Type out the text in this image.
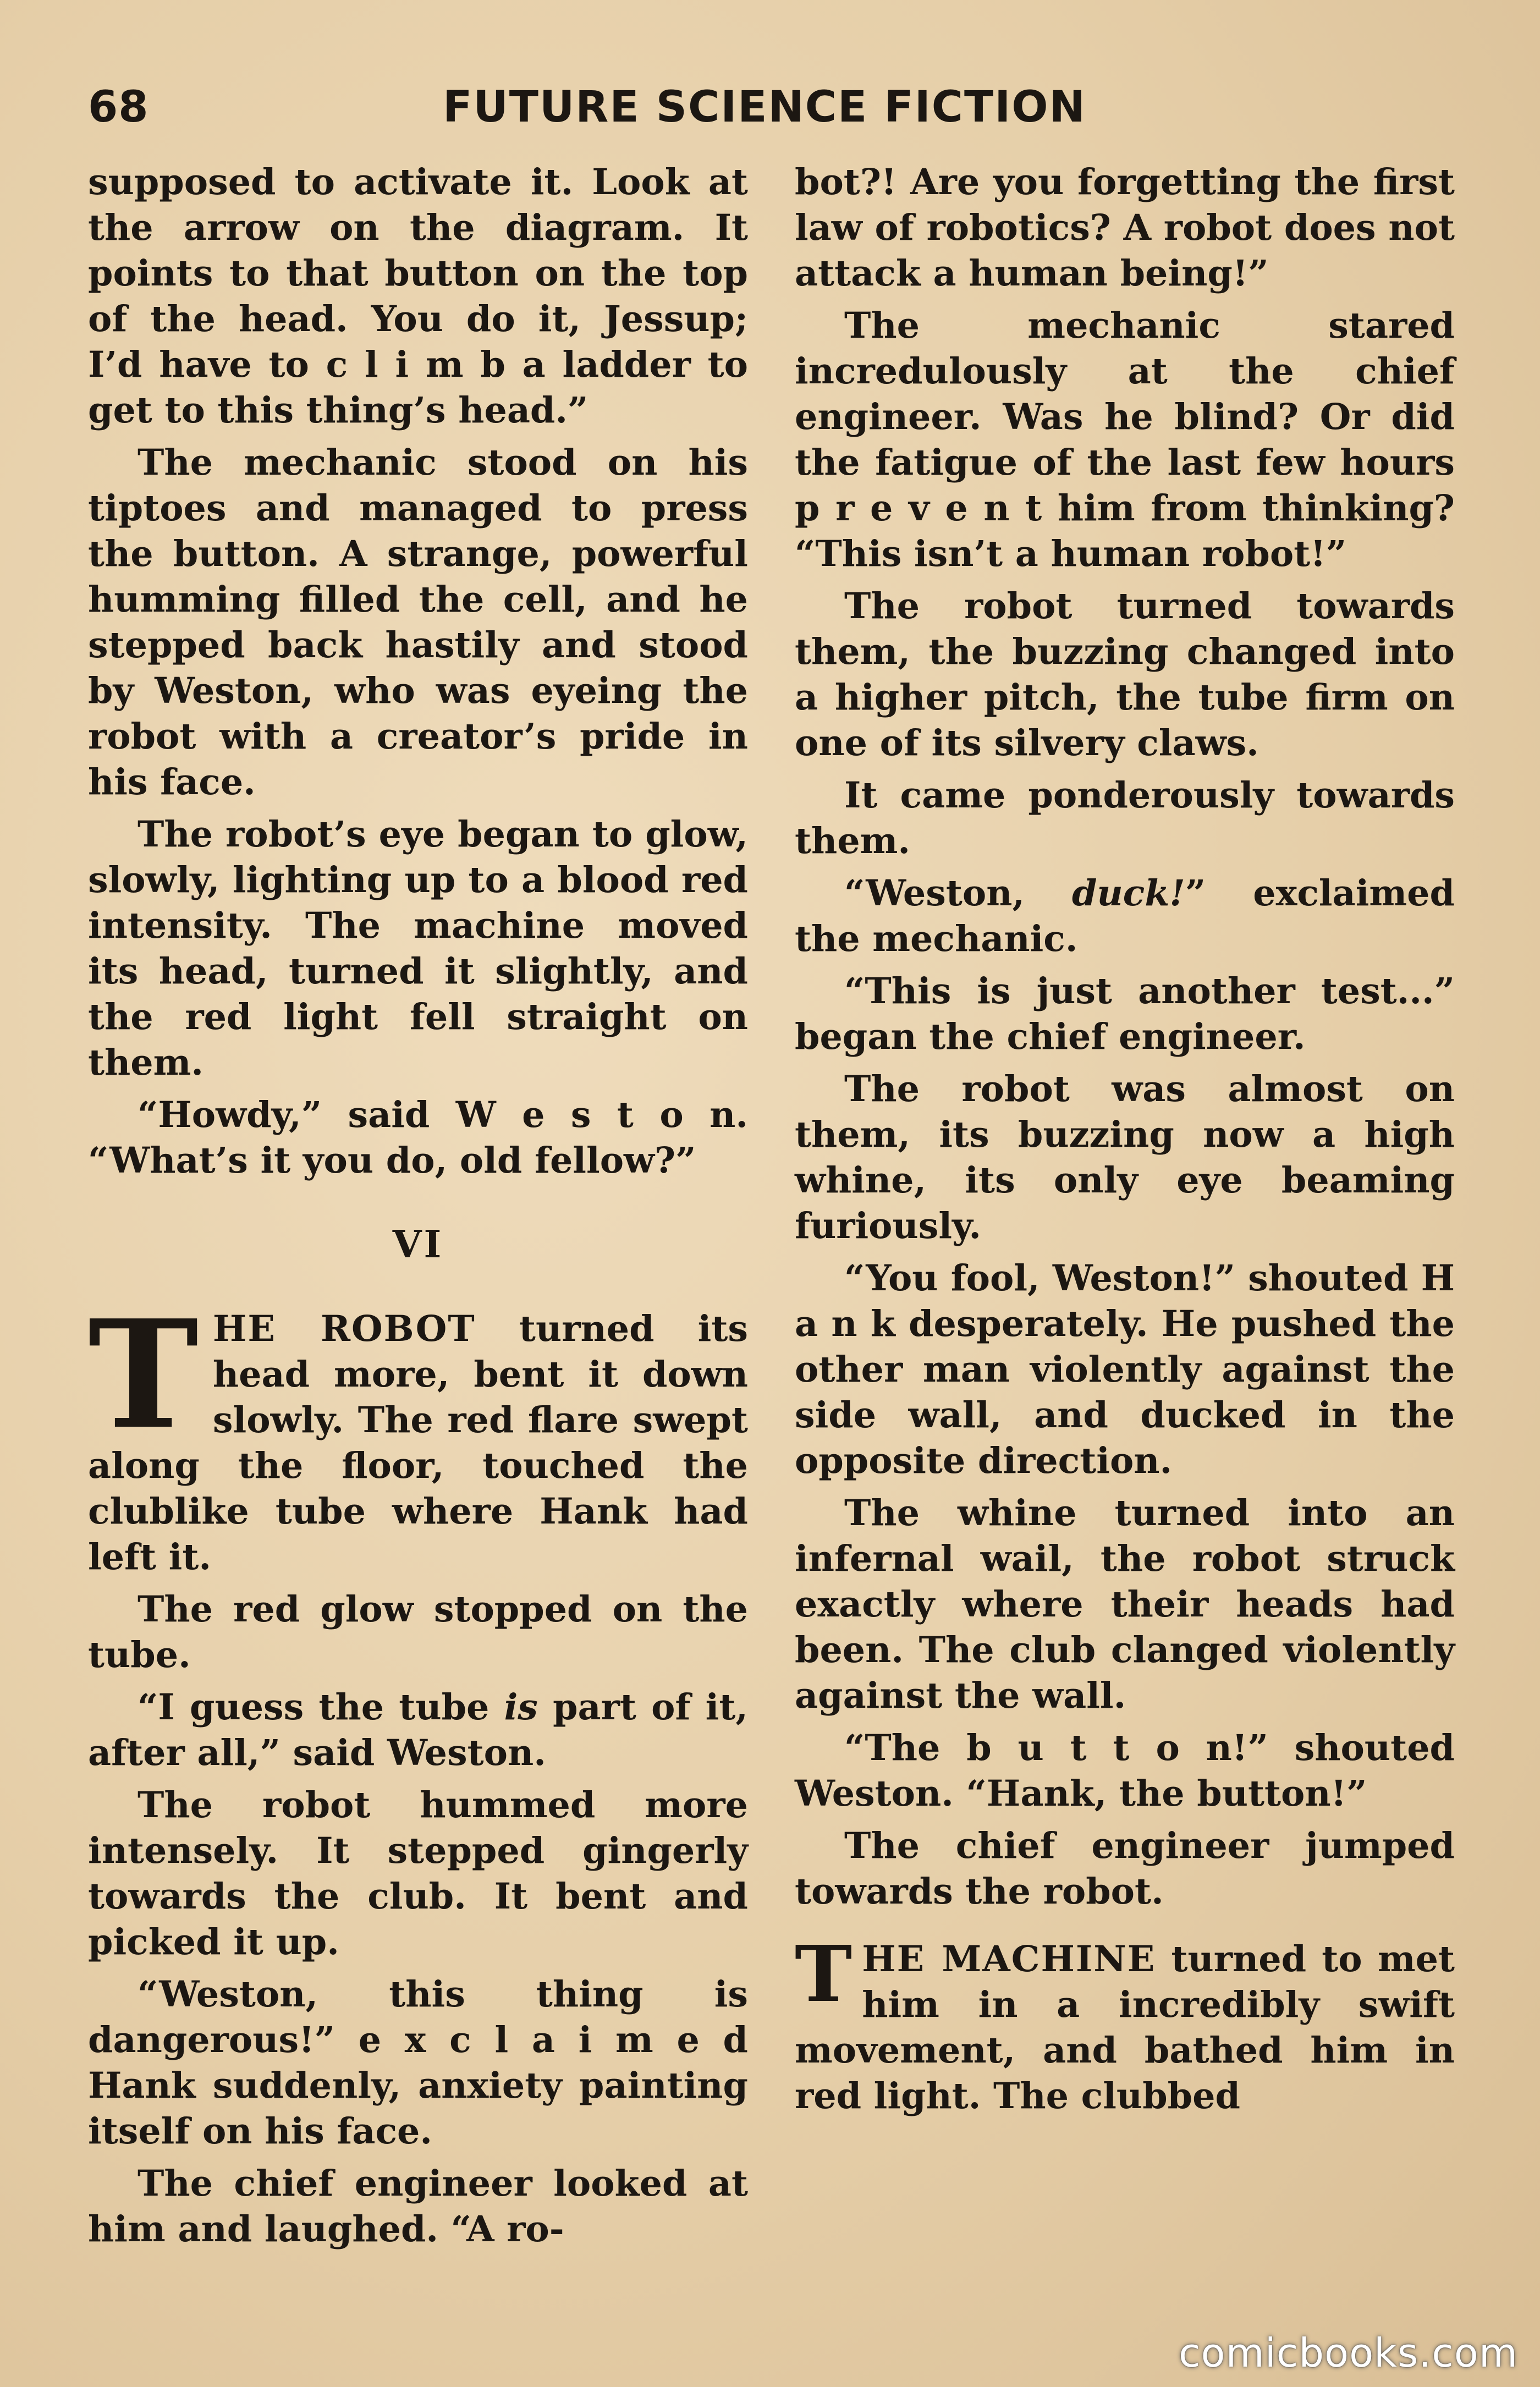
68	FUTURE SCIENCE FICTION

supposed to activate it. Look at the arrow on the diagram. It points to that button on the top of the head. You do it, Jessup; I’d have to c l i m b a ladder to get to this thing’s head.”

The mechanic stood on his tiptoes and managed to press the button. A strange, powerful humming filled the cell, and he stepped back hastily and stood by Weston, who was eyeing the robot with a creator’s pride in his face.

The robot’s eye began to glow, slowly, lighting up to a blood red intensity. The machine moved its head, turned it slightly, and the red light fell straight on them.

“Howdy,” said W e s t o n. “What’s it you do, old fellow?”

VI

THE ROBOT turned its head more, bent it down slowly. The red flare swept along the floor, touched the clublike tube where Hank had left it.

The red glow stopped on the tube.

“I guess the tube is part of it, after all,” said Weston.

The robot hummed more intensely. It stepped gingerly towards the club. It bent and picked it up.

“Weston, this thing is dangerous!” e x c l a i m e d Hank suddenly, anxiety painting itself on his face.

The chief engineer looked at him and laughed. “A ro-

bot?! Are you forgetting the first law of robotics? A robot does not attack a human being!”

The mechanic stared incredulously at the chief engineer. Was he blind? Or did the fatigue of the last few hours p r e v e n t him from thinking? “This isn’t a human robot!”

The robot turned towards them, the buzzing changed into a higher pitch, the tube firm on one of its silvery claws.

It came ponderously towards them.

“Weston, duck!” exclaimed the mechanic.

“This is just another test...” began the chief engineer.

The robot was almost on them, its buzzing now a high whine, its only eye beaming furiously.

“You fool, Weston!” shouted H a n k desperately. He pushed the other man violently against the side wall, and ducked in the opposite direction.

The whine turned into an infernal wail, the robot struck exactly where their heads had been. The club clanged violently against the wall.

“The b u t t o n!” shouted Weston. “Hank, the button!”

The chief engineer jumped towards the robot.

THE MACHINE turned to met him in a incredibly swift movement, and bathed him in red light. The clubbed

comicbooks.com
